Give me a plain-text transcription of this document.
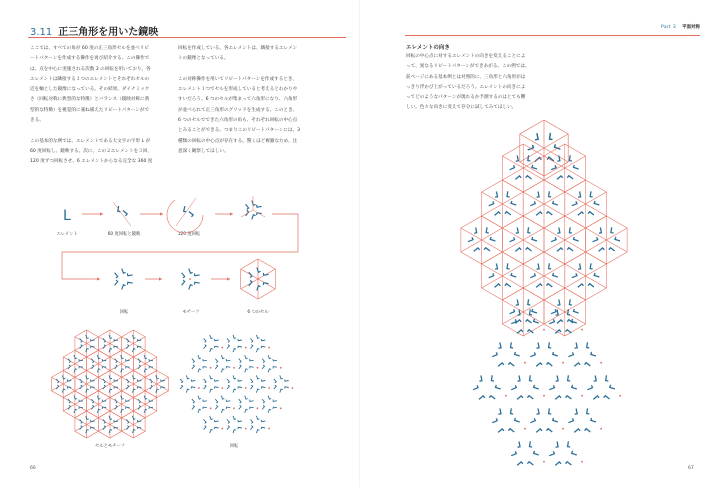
3.11 正三角形を用いた鏡映
ここでは、すべての角が 60 度の正三角形セルを並べリピ
ートパターンを作成する操作を再び紹介する。この操作で
は、点を中心に実施される次数 3 の回転を用いており、各
エレメントは隣接する３つのエレメントとそれぞれセルの
辺を軸とした鏡像になっている。その結果、ダイナミック
さ（回転対称に典型的な特徴）とバランス（鏡映対称に典
型的な特徴）を視覚的に兼ね備えたリピートパターンがで
きる。
この基本的な例では、エレメントである大文字の字形 L が
60 度回転し、鏡映する。次に、この２エレメントを３回、
120 度ずつ回転させ、6 エレメントからなる完全な 360 度
回転を作成している。各エレメントは、隣接するエレメン
トの鏡像となっている。
この対称操作を用いてリピートパターンを作成するとき、
エレメント１つでセルを形成していると考えるとわかりや
すいだろう。6 つのセルが集まって六角形になり、六角形
が並べられて正三角形のグリッドを生成する。このとき、
6 つのセルでできた六角形の角も、それぞれ回転の中心点
とみることができる。つまりこのリピートパターンには、3
種類の回転の中心点が存在する。驚くほど複雑なため、注
意深く観察してほしい。
エレメント	60 度回転と鏡映	120 度回転
回転	モチーフ	6 つのセル
セルとモチーフ	回転
66
Part 3 平面対称
エレメントの向き
回転の中心点に対するエレメントの向きを変えることによ
って、異なるリピートパターンができあがる。この例では、
前ページにある基本例とは対照的に、三角形と六角形がは
っきり浮かび上がっているだろう。エレメントの向きによ
ってどのようなパターンが現れるか予測するのはとても難
しい。色々な向きに変えて存分に試してみてほしい。
67
L
